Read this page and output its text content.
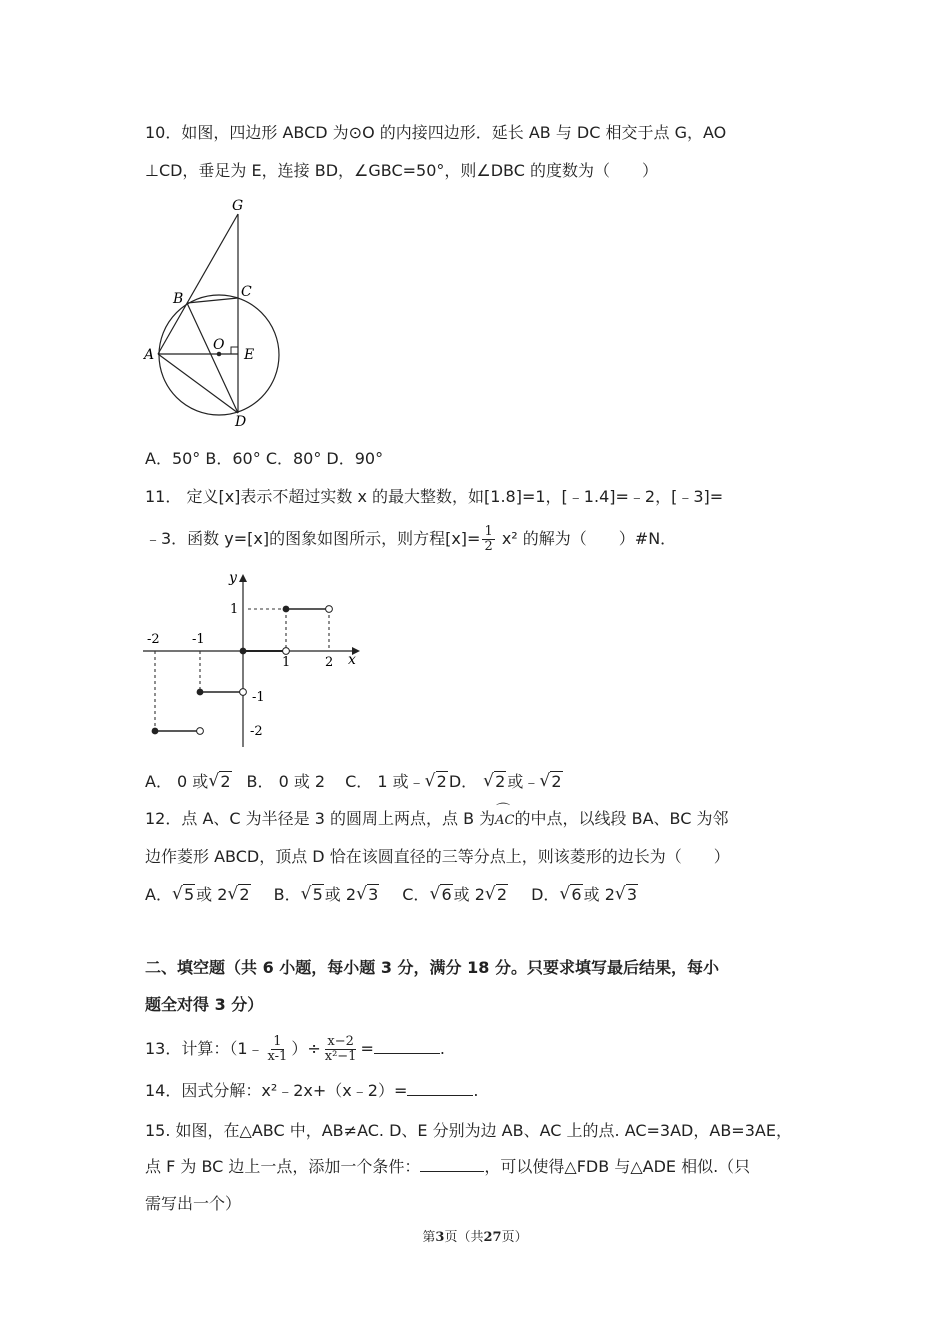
10．如图，四边形 ABCD 为⊙O 的内接四边形．延长 AB 与 DC 相交于点 G，AO
⊥CD，垂足为 E，连接 BD，∠GBC=50°，则∠DBC 的度数为（　　）
G
B	C
A
O
E
D
A．50° B．60° C．80° D．90°
11． 定义[x]表示不超过实数 x 的最大整数，如[1.8]=1，[﹣1.4]=﹣2，[﹣3]=
﹣3．函数 y=[x]的图象如图所示，则方程$[x]= \frac{1}{2} x^2$ 的解为（　　）#N．
y
x
1
-2 -1
1	2
-1
-2
A． 0 或 √ 2 B． 0 或 2 C． 1 或﹣ √ 2 D． √ 2 或﹣ √ 2
12．点 A、C 为半径是 3 的圆周上两点，点 B 为⌒ AC的中点，以线段 BA、BC 为邻
边作菱形 ABCD，顶点 D 恰在该圆直径的三等分点上，则该菱形的边长为（　　）
A． √ 5 或 2 √ 2 B． √ 5 或 2 √ 3 C． √ 6 或 2 √ 2 D． √ 6 或 2 √ 3
二、填空题（共 6 小题，每小题 3 分，满分 18 分。只要求填写最后结果，每小
题全对得 3 分）
13．计算：（1﹣ $\frac{1}{x-1}$ ）÷ $\frac{x-2}{\text{x²−1}}$ =	.
14．因式分解：x²﹣2x+（x﹣2）=	.
15. 如图，在△ABC 中，AB≠AC. D、E 分别为边 AB、AC 上的点. AC=3AD，AB=3AE，
点 F 为 BC 边上一点，添加一个条件：	，可以使得△FDB 与△ADE 相似.（只
需写出一个）
第3页（共27页）
